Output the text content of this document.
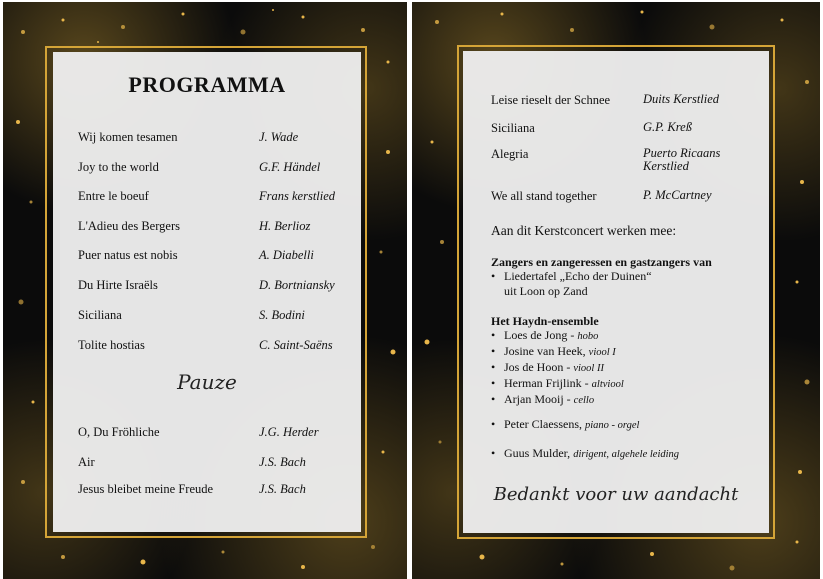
PROGRAMMA
Wij komen tesamen	J. Wade
Joy to the world	G.F. Händel
Entre le boeuf	Frans kerstlied
L'Adieu des Bergers	H. Berlioz
Puer natus est nobis	A. Diabelli
Du Hirte Israëls	D. Bortniansky
Siciliana	S. Bodini
Tolite hostias	C. Saint-Saëns
Pauze
O, Du Fröhliche	J.G. Herder
Air	J.S. Bach
Jesus bleibet meine Freude	J.S. Bach
Leise rieselt der Schnee	Duits Kerstlied
Siciliana	G.P. Kreß
Alegria	Puerto Ricaans Kerstlied
We all stand together	P. McCartney
Aan dit Kerstconcert werken mee:
Zangers en zangeressen en gastzangers van
• Liedertafel „Echo der Duinen“
uit Loon op Zand
Het Haydn-ensemble
• Loes de Jong - hobo
• Josine van Heek, viool I
• Jos de Hoon - viool II
• Herman Frijlink - altviool
• Arjan Mooij - cello
• Peter Claessens, piano - orgel
• Guus Mulder, dirigent, algehele leiding
Bedankt voor uw aandacht
